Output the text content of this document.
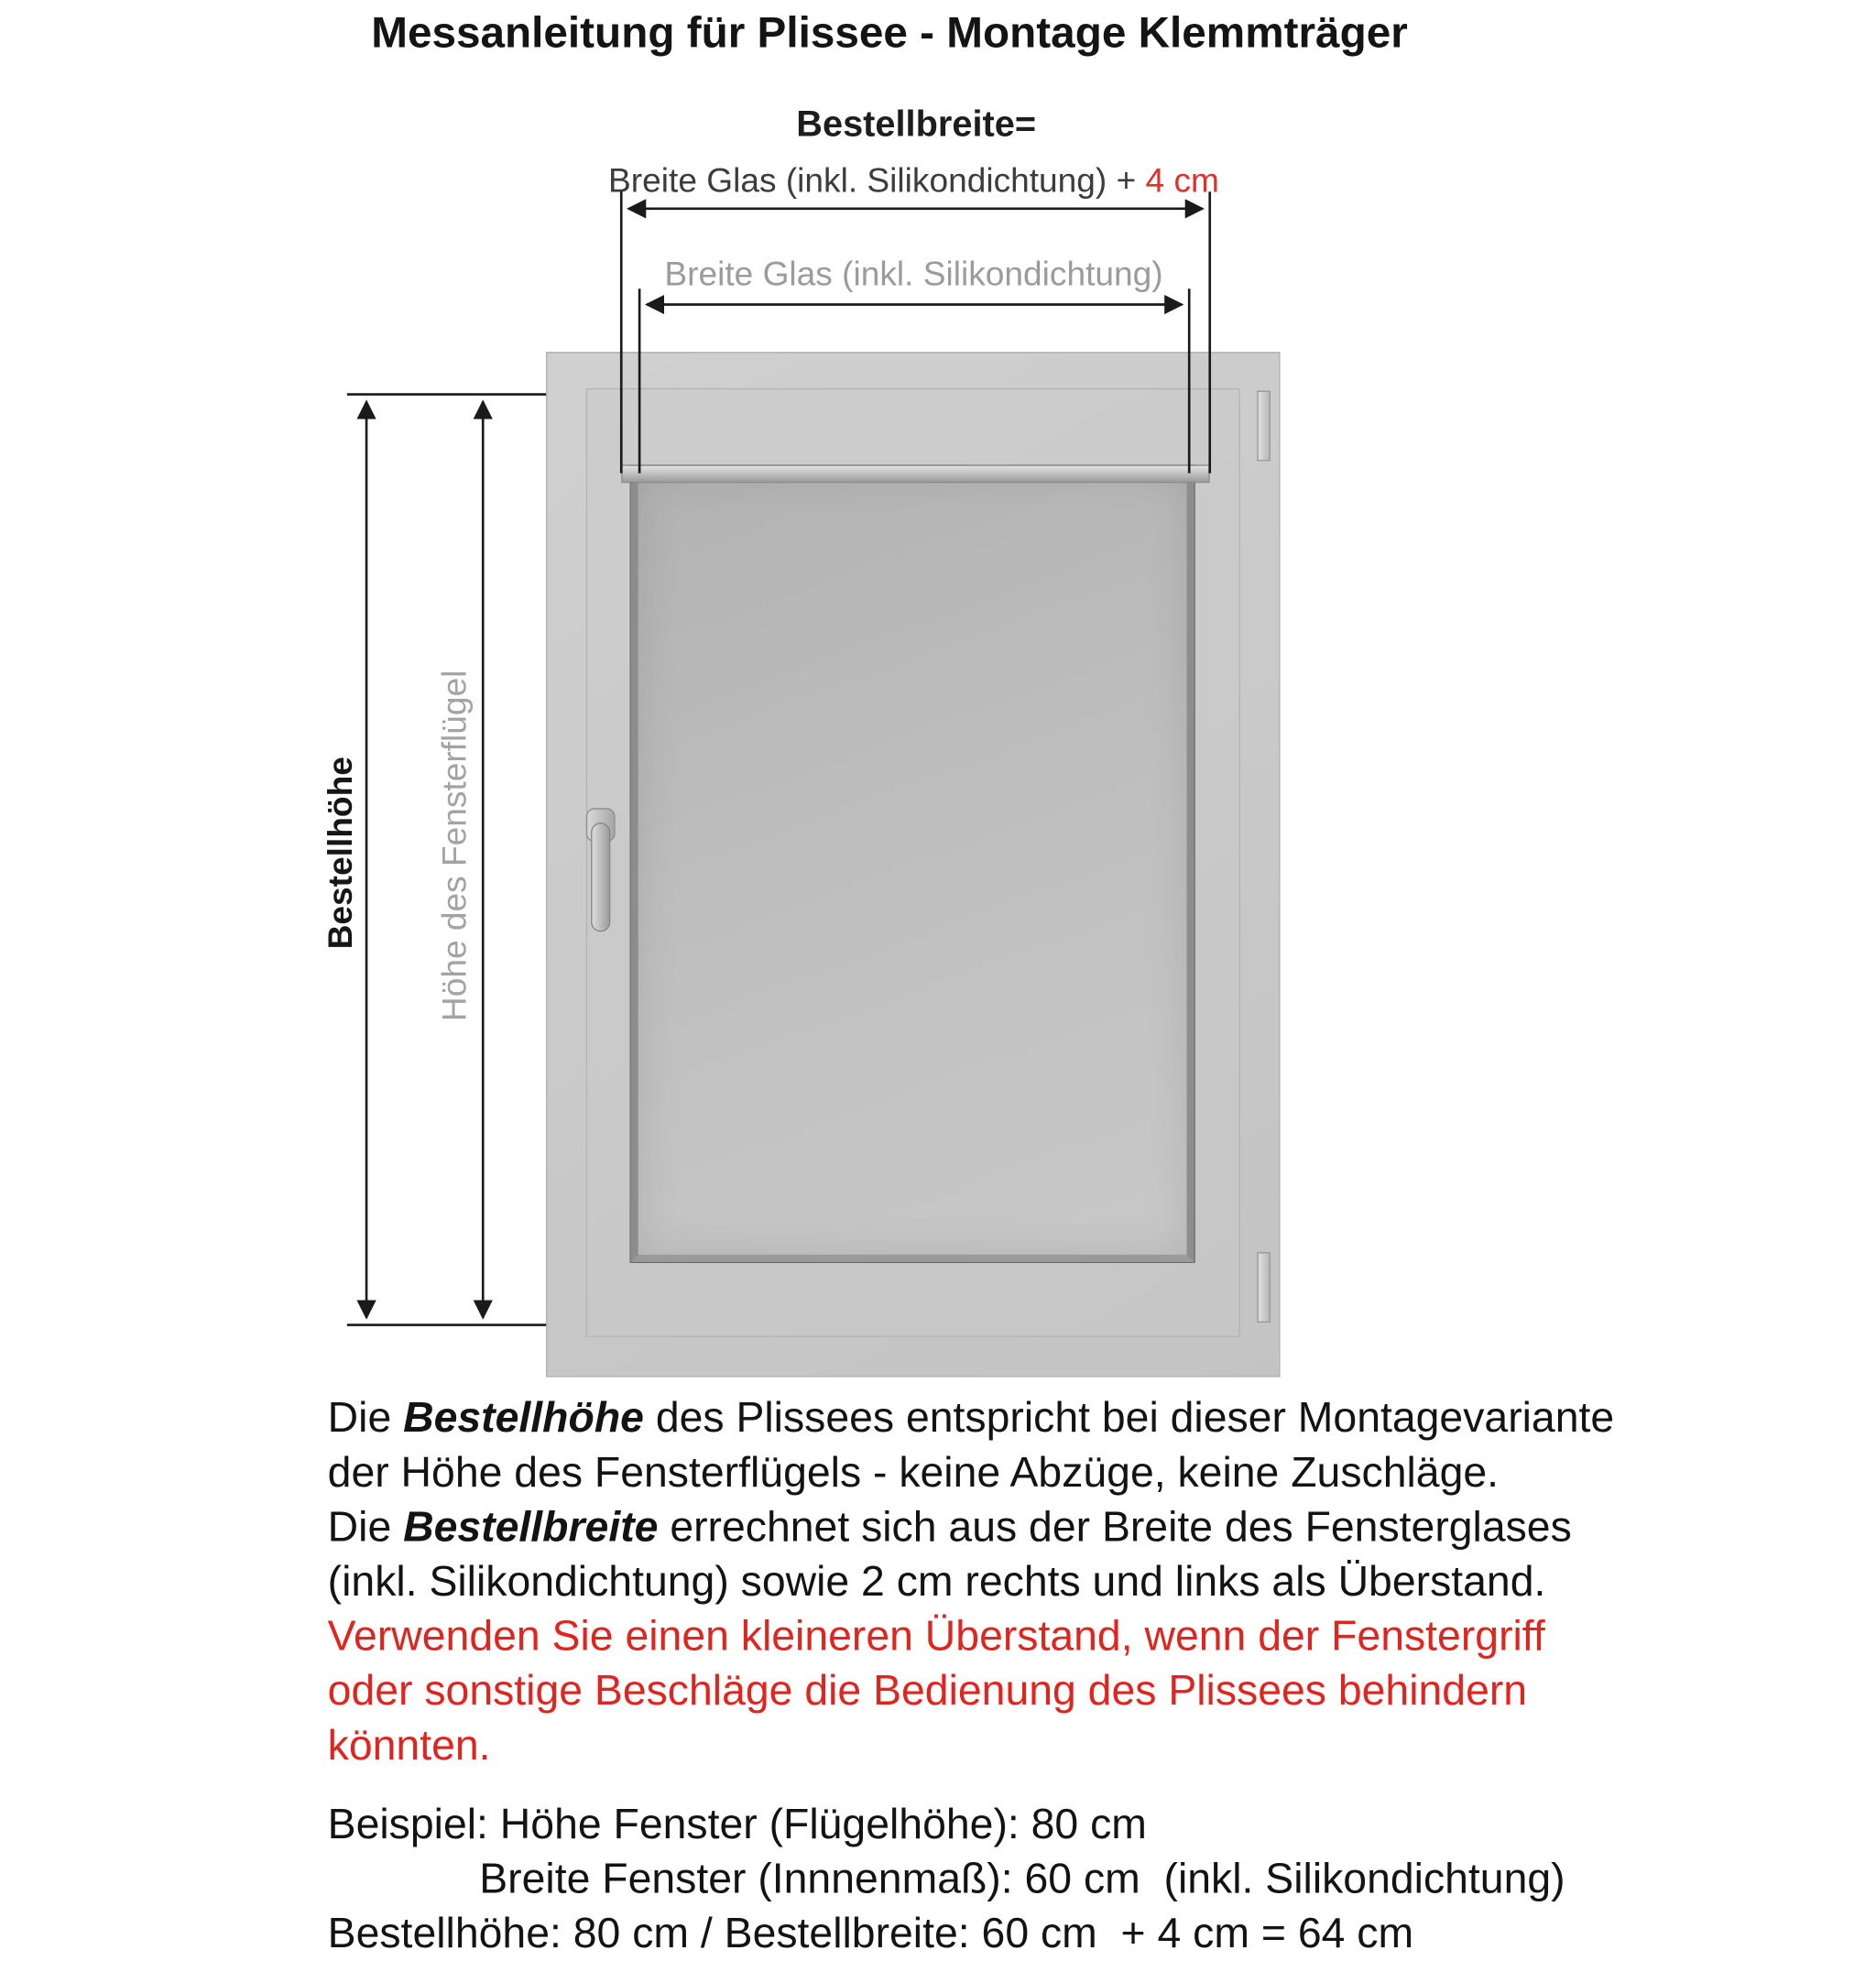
Messanleitung für Plissee - Montage Klemmträger
Bestellbreite=
Breite Glas (inkl. Silikondichtung) + 4 cm
Breite Glas (inkl. Silikondichtung)
Bestellhöhe	Höhe des Fensterflügel

Die Bestellhöhe des Plissees entspricht bei dieser Montagevariante

der Höhe des Fensterflügels - keine Abzüge, keine Zuschläge.

Die Bestellbreite errechnet sich aus der Breite des Fensterglases

(inkl. Silikondichtung) sowie 2 cm rechts und links als Überstand.

Verwenden Sie einen kleineren Überstand, wenn der Fenstergriff

oder sonstige Beschläge die Bedienung des Plissees behindern könnten.

Beispiel: Höhe Fenster (Flügelhöhe): 80 cm

Breite Fenster (Innnenmaß): 60 cm  (inkl. Silikondichtung)

Bestellhöhe: 80 cm / Bestellbreite: 60 cm  + 4 cm = 64 cm
